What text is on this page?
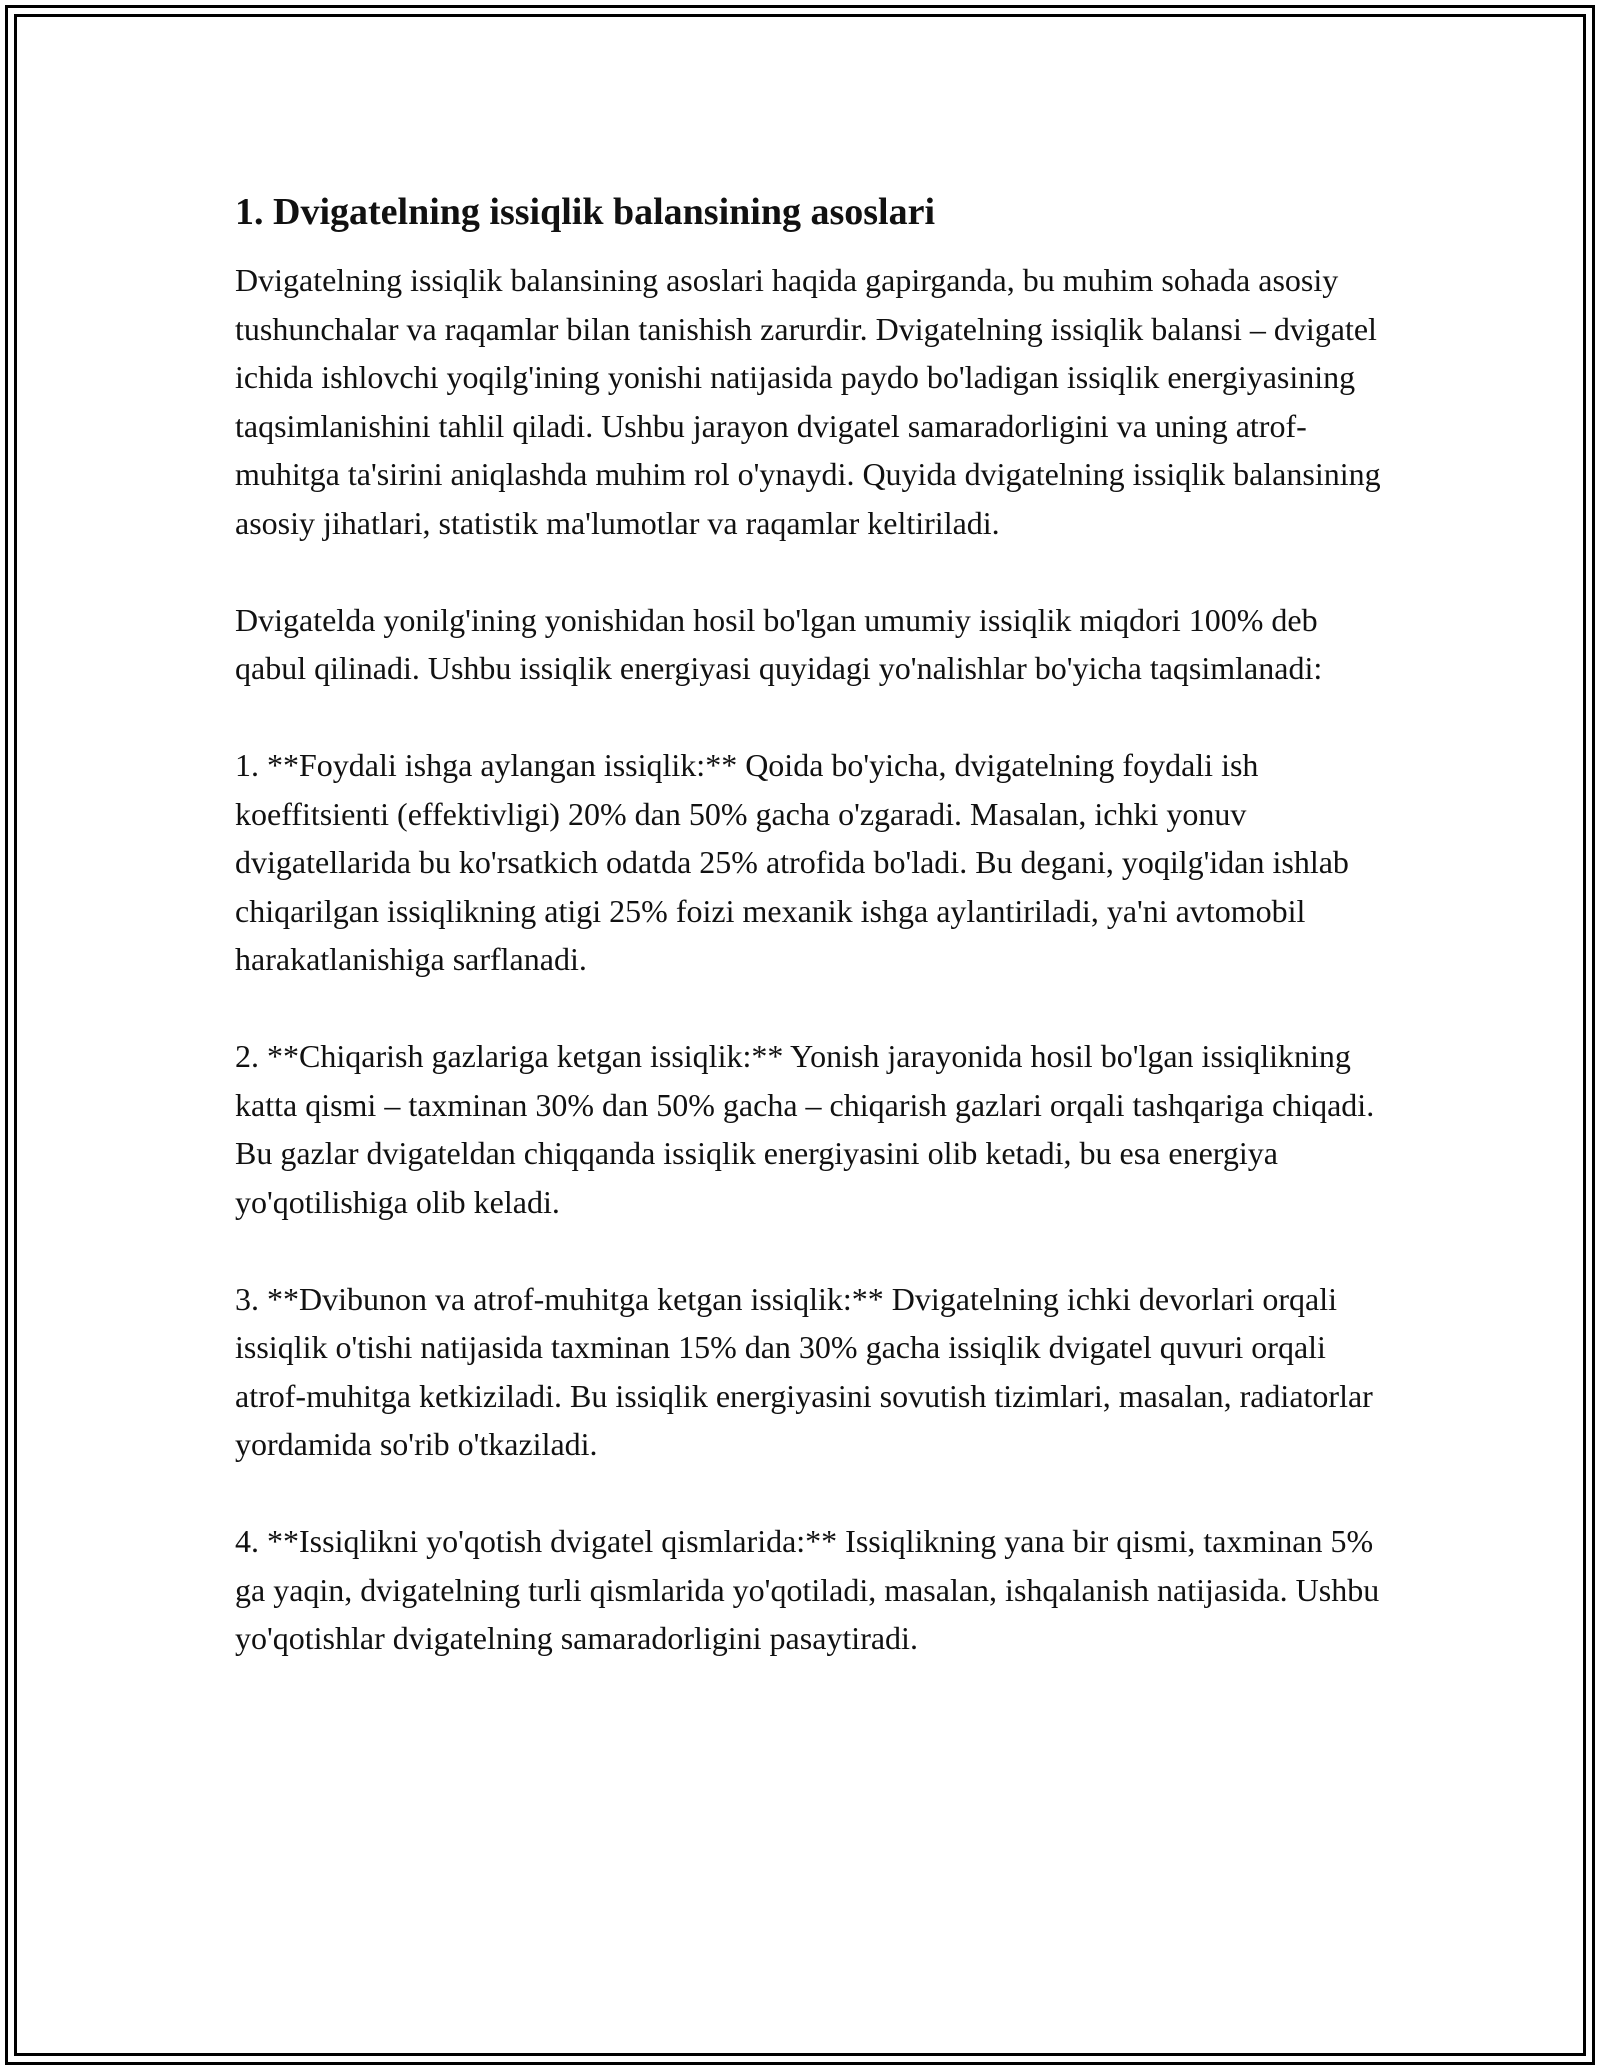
1. Dvigatelning issiqlik balansining asoslari

Dvigatelning issiqlik balansining asoslari haqida gapirganda, bu muhim sohada asosiy tushunchalar va raqamlar bilan tanishish zarurdir. Dvigatelning issiqlik balansi – dvigatel ichida ishlovchi yoqilg'ining yonishi natijasida paydo bo'ladigan issiqlik energiyasining taqsimlanishini tahlil qiladi. Ushbu jarayon dvigatel samaradorligini va uning atrof-muhitga ta'sirini aniqlashda muhim rol o'ynaydi. Quyida dvigatelning issiqlik balansining asosiy jihatlari, statistik ma'lumotlar va raqamlar keltiriladi.

Dvigatelda yonilg'ining yonishidan hosil bo'lgan umumiy issiqlik miqdori 100% deb qabul qilinadi. Ushbu issiqlik energiyasi quyidagi yo'nalishlar bo'yicha taqsimlanadi:

1. **Foydali ishga aylangan issiqlik:** Qoida bo'yicha, dvigatelning foydali ish koeffitsienti (effektivligi) 20% dan 50% gacha o'zgaradi. Masalan, ichki yonuv dvigatellarida bu ko'rsatkich odatda 25% atrofida bo'ladi. Bu degani, yoqilg'idan ishlab chiqarilgan issiqlikning atigi 25% foizi mexanik ishga aylantiriladi, ya'ni avtomobil harakatlanishiga sarflanadi.

2. **Chiqarish gazlariga ketgan issiqlik:** Yonish jarayonida hosil bo'lgan issiqlikning katta qismi – taxminan 30% dan 50% gacha – chiqarish gazlari orqali tashqariga chiqadi. Bu gazlar dvigateldan chiqqanda issiqlik energiyasini olib ketadi, bu esa energiya yo'qotilishiga olib keladi.

3. **Dvibunon va atrof-muhitga ketgan issiqlik:** Dvigatelning ichki devorlari orqali issiqlik o'tishi natijasida taxminan 15% dan 30% gacha issiqlik dvigatel quvuri orqali atrof-muhitga ketkiziladi. Bu issiqlik energiyasini sovutish tizimlari, masalan, radiatorlar yordamida so'rib o'tkaziladi.

4. **Issiqlikni yo'qotish dvigatel qismlarida:** Issiqlikning yana bir qismi, taxminan 5% ga yaqin, dvigatelning turli qismlarida yo'qotiladi, masalan, ishqalanish natijasida. Ushbu yo'qotishlar dvigatelning samaradorligini pasaytiradi.
